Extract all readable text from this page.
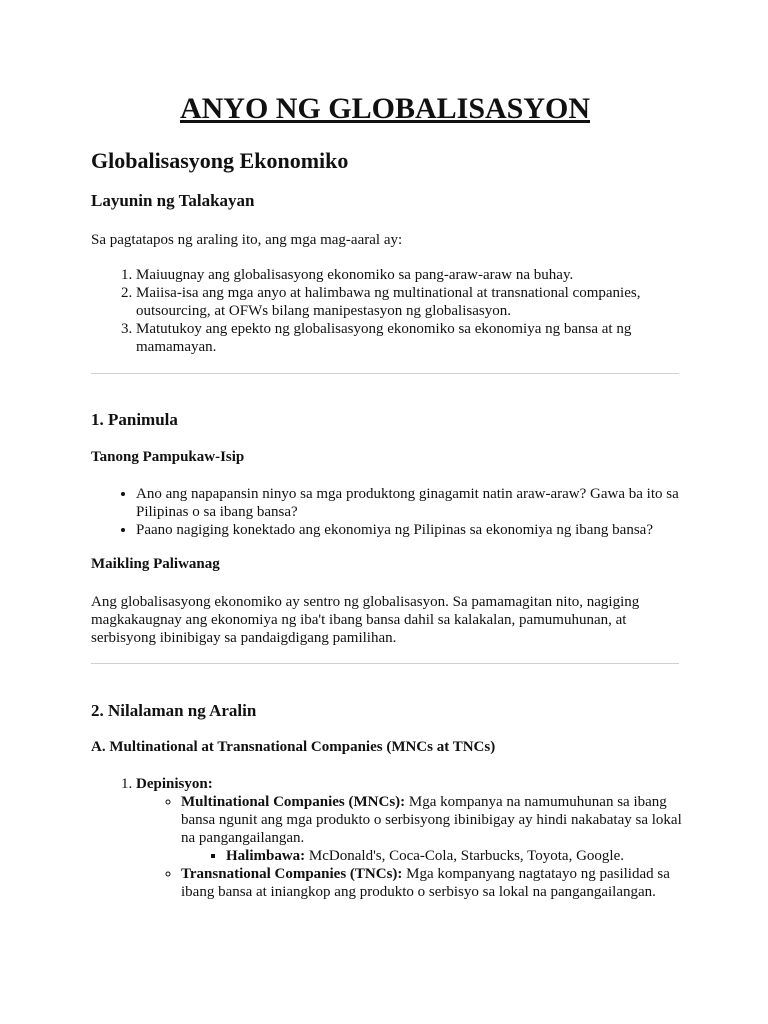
ANYO NG GLOBALISASYON
Globalisasyong Ekonomiko
Layunin ng Talakayan

Sa pagtatapos ng araling ito, ang mga mag-aaral ay:

1. Maiuugnay ang globalisasyong ekonomiko sa pang-araw-araw na buhay.
2. Maiisa-isa ang mga anyo at halimbawa ng multinational at transnational companies, outsourcing, at OFWs bilang manipestasyon ng globalisasyon.
3. Matutukoy ang epekto ng globalisasyong ekonomiko sa ekonomiya ng bansa at ng mamamayan.
1. Panimula
Tanong Pampukaw-Isip
• Ano ang napapansin ninyo sa mga produktong ginagamit natin araw-araw? Gawa ba ito sa Pilipinas o sa ibang bansa?
• Paano nagiging konektado ang ekonomiya ng Pilipinas sa ekonomiya ng ibang bansa?
Maikling Paliwanag

Ang globalisasyong ekonomiko ay sentro ng globalisasyon. Sa pamamagitan nito, nagiging magkakaugnay ang ekonomiya ng iba't ibang bansa dahil sa kalakalan, pamumuhunan, at serbisyong ibinibigay sa pandaigdigang pamilihan.

2. Nilalaman ng Aralin
A. Multinational at Transnational Companies (MNCs at TNCs)
1. Depinisyon:
◦ Multinational Companies (MNCs): Mga kompanya na namumuhunan sa ibang bansa ngunit ang mga produkto o serbisyong ibinibigay ay hindi nakabatay sa lokal na pangangailangan.
▪ Halimbawa: McDonald's, Coca-Cola, Starbucks, Toyota, Google.
◦ Transnational Companies (TNCs): Mga kompanyang nagtatayo ng pasilidad sa ibang bansa at iniangkop ang produkto o serbisyo sa lokal na pangangailangan.
